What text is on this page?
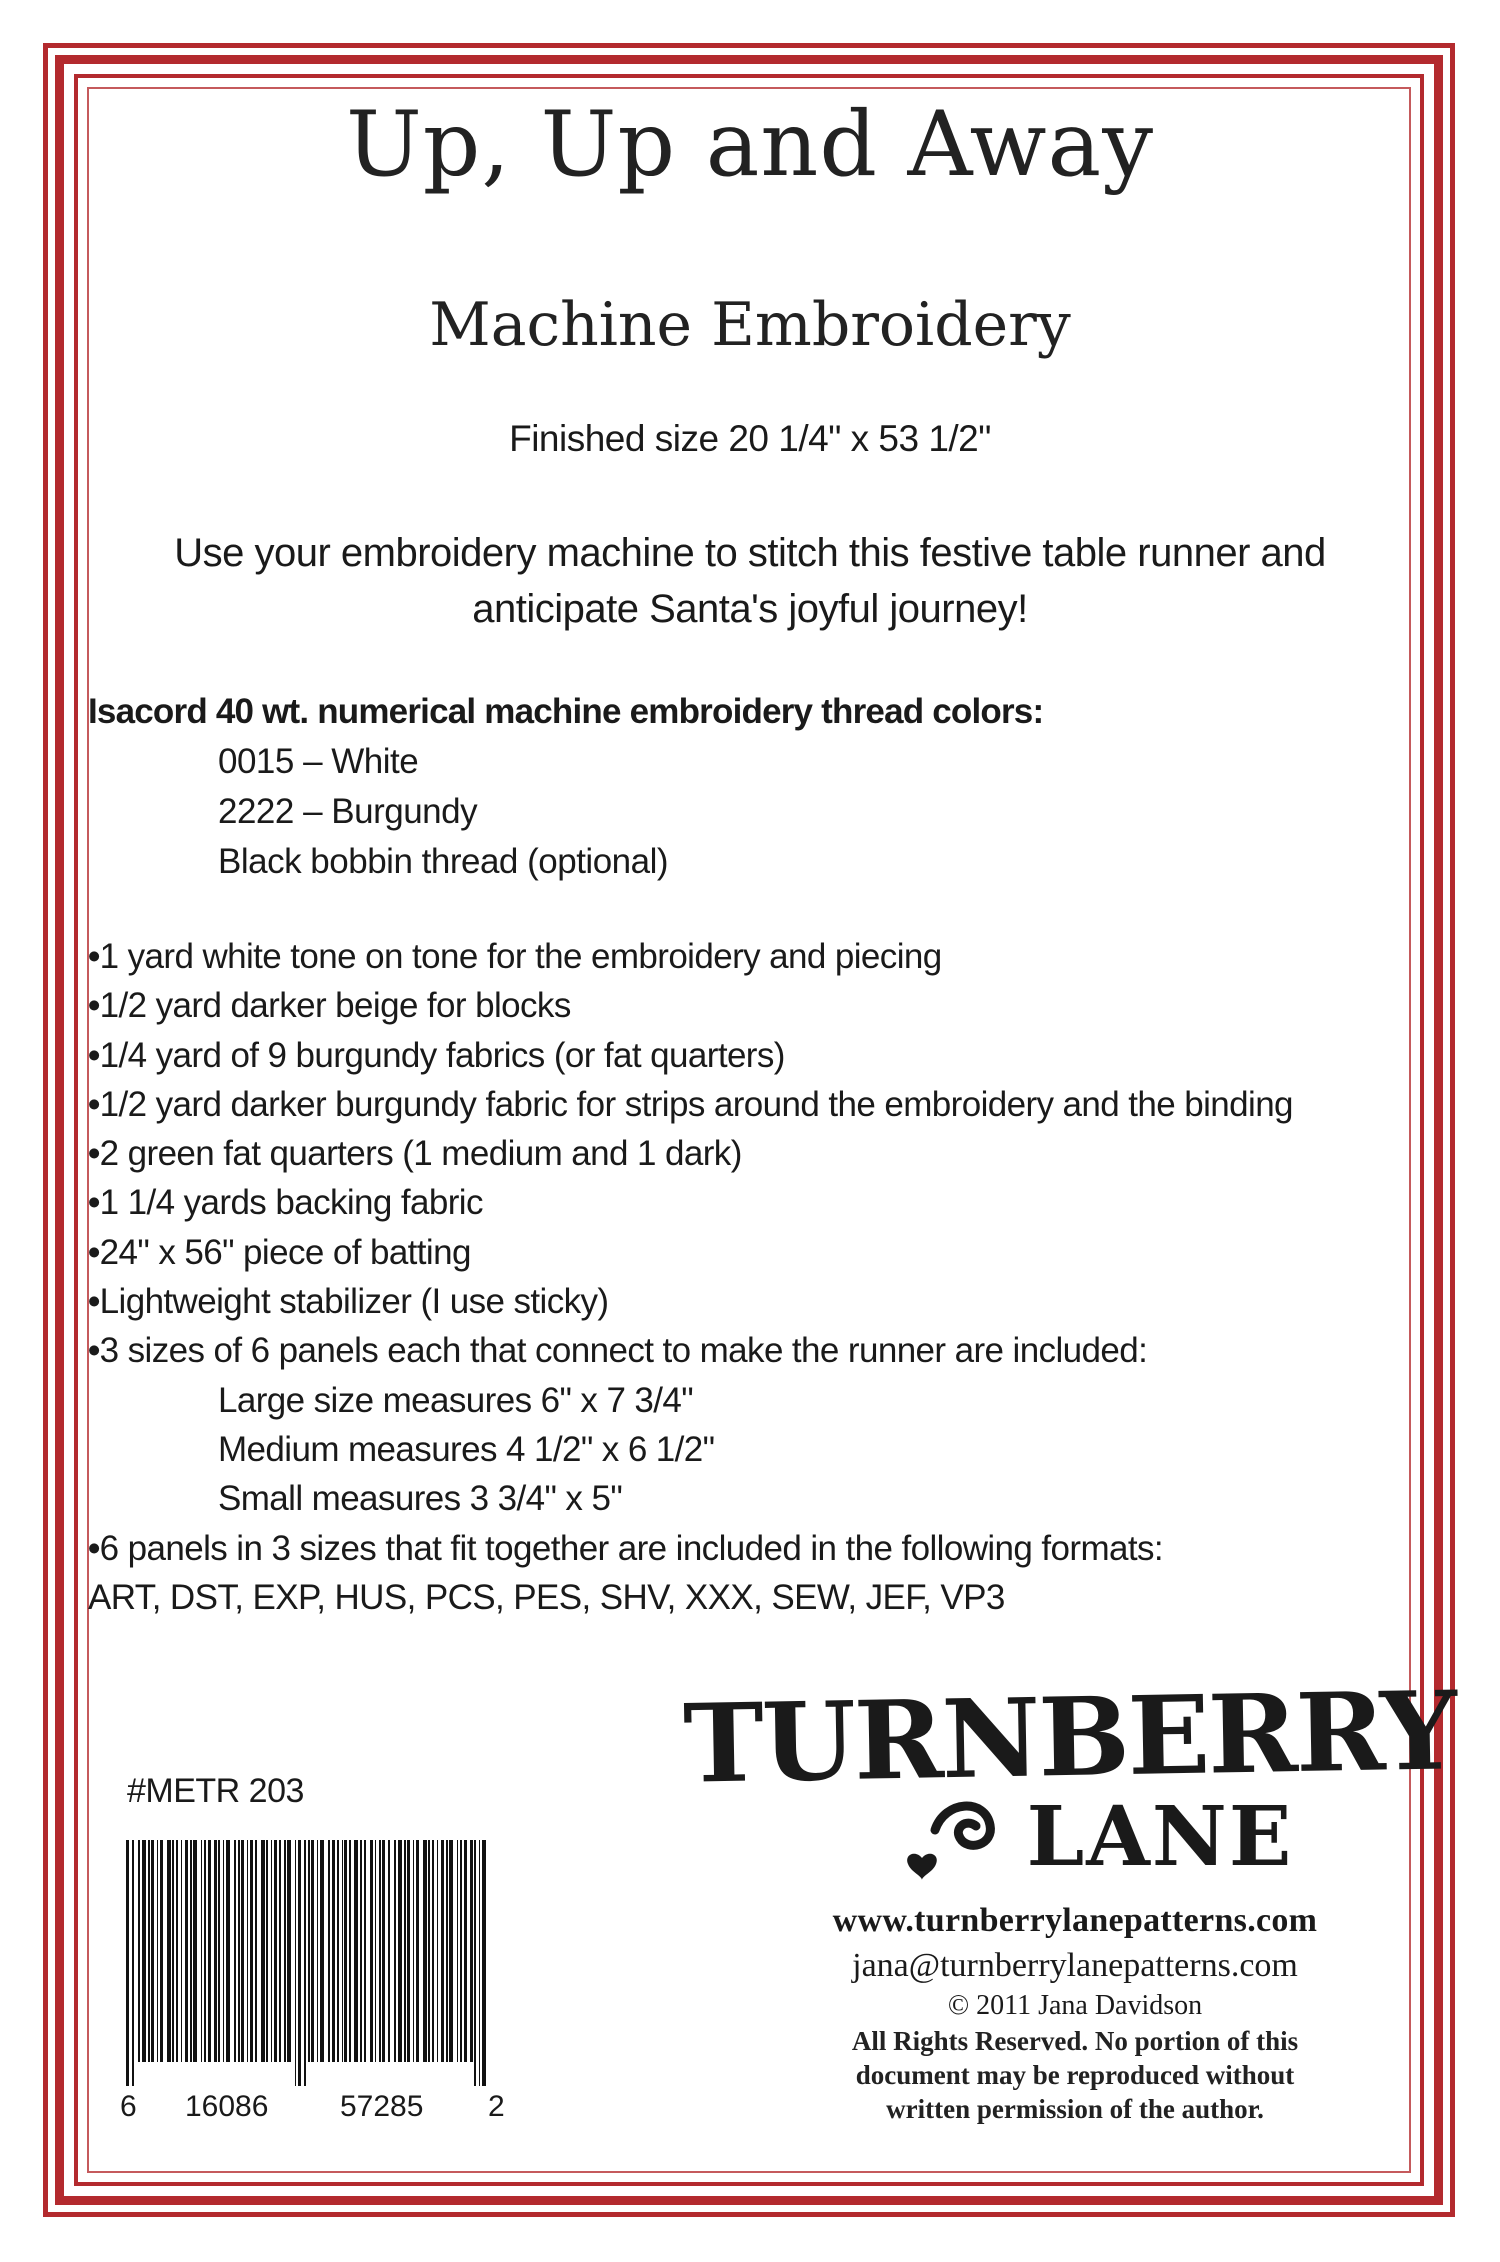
Up, Up and Away
Machine Embroidery
Finished size 20 1/4" x 53 1/2"
Use your embroidery machine to stitch this festive table runner and
anticipate Santa's joyful journey!
Isacord 40 wt. numerical machine embroidery thread colors:
0015 – White
2222 – Burgundy
Black bobbin thread (optional)
•1 yard white tone on tone for the embroidery and piecing
•1/2 yard darker beige for blocks
•1/4 yard of 9 burgundy fabrics (or fat quarters)
•1/2 yard darker burgundy fabric for strips around the embroidery and the binding
•2 green fat quarters (1 medium and 1 dark)
•1 1/4 yards backing fabric
•24" x 56" piece of batting
•Lightweight stabilizer (I use sticky)
•3 sizes of 6 panels each that connect to make the runner are included:
Large size measures 6" x 7 3/4"
Medium measures 4 1/2" x 6 1/2"
Small measures 3 3/4" x 5"
•6 panels in 3 sizes that fit together are included in the following formats:
ART, DST, EXP, HUS, PCS, PES, SHV, XXX, SEW, JEF, VP3
#METR 203
6 16086 57285 2
TURNBERRY
LANE
www.turnberrylanepatterns.com
jana@turnberrylanepatterns.com
© 2011 Jana Davidson
All Rights Reserved. No portion of this
document may be reproduced without
written permission of the author.
